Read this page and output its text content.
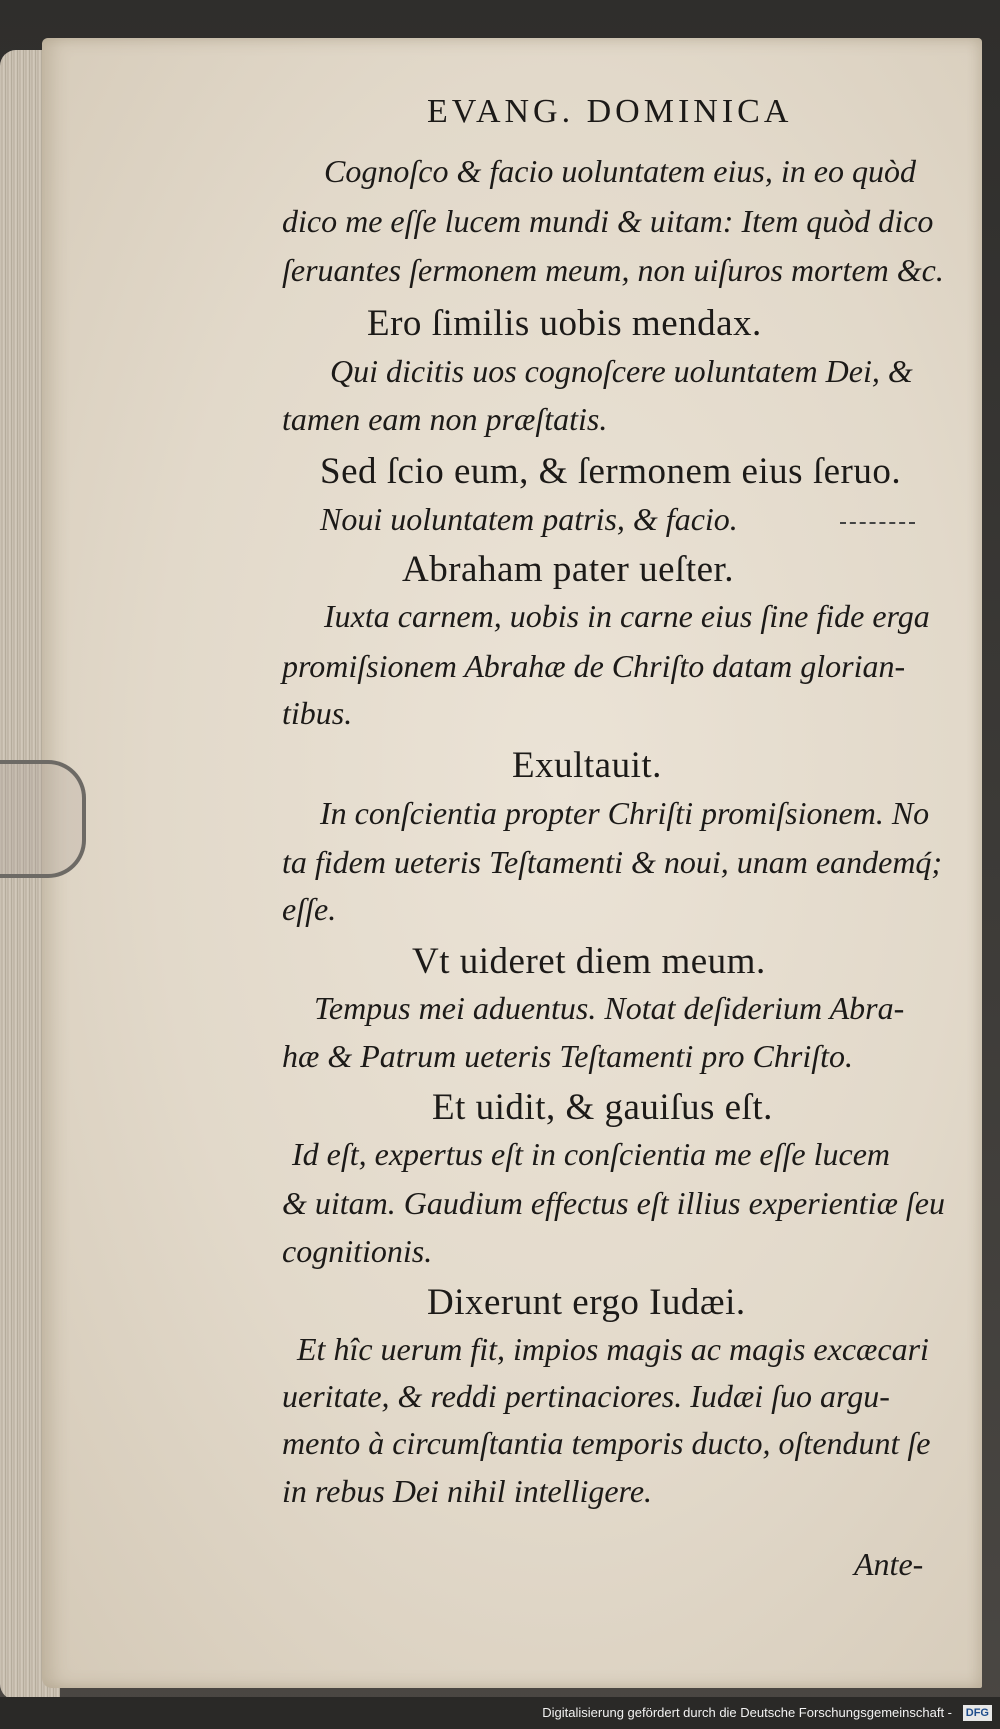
EVANG. DOMINICA

Cognoſco & facio uoluntatem eius, in eo quòd

dico me eſſe lucem mundi & uitam: Item quòd dico

ſeruantes ſermonem meum, non uiſuros mortem &c.

Ero ſimilis uobis mendax.

Qui dicitis uos cognoſcere uoluntatem Dei, &

tamen eam non præſtatis.

Sed ſcio eum, & ſermonem eius ſeruo.

Noui uoluntatem patris, & facio.

Abraham pater ueſter.

Iuxta carnem, uobis in carne eius ſine fide erga

promiſsionem Abrahæ de Chriſto datam glorian-

tibus.

Exultauit.

In conſcientia propter Chriſti promiſsionem. No

ta fidem ueteris Teſtamenti & noui, unam eandemq́;

eſſe.

Vt uideret diem meum.

Tempus mei aduentus. Notat deſiderium Abra-

hæ & Patrum ueteris Teſtamenti pro Chriſto.

Et uidit, & gauiſus eſt.

Id eſt, expertus eſt in conſcientia me eſſe lucem

& uitam. Gaudium effectus eſt illius experientiæ ſeu

cognitionis.

Dixerunt ergo Iudæi.

Et hîc uerum fit, impios magis ac magis excæcari

ueritate, & reddi pertinaciores. Iudæi ſuo argu-

mento à circumſtantia temporis ducto, oſtendunt ſe

in rebus Dei nihil intelligere.

Ante-

Digitalisierung gefördert durch die Deutsche Forschungsgemeinschaft - DFG
